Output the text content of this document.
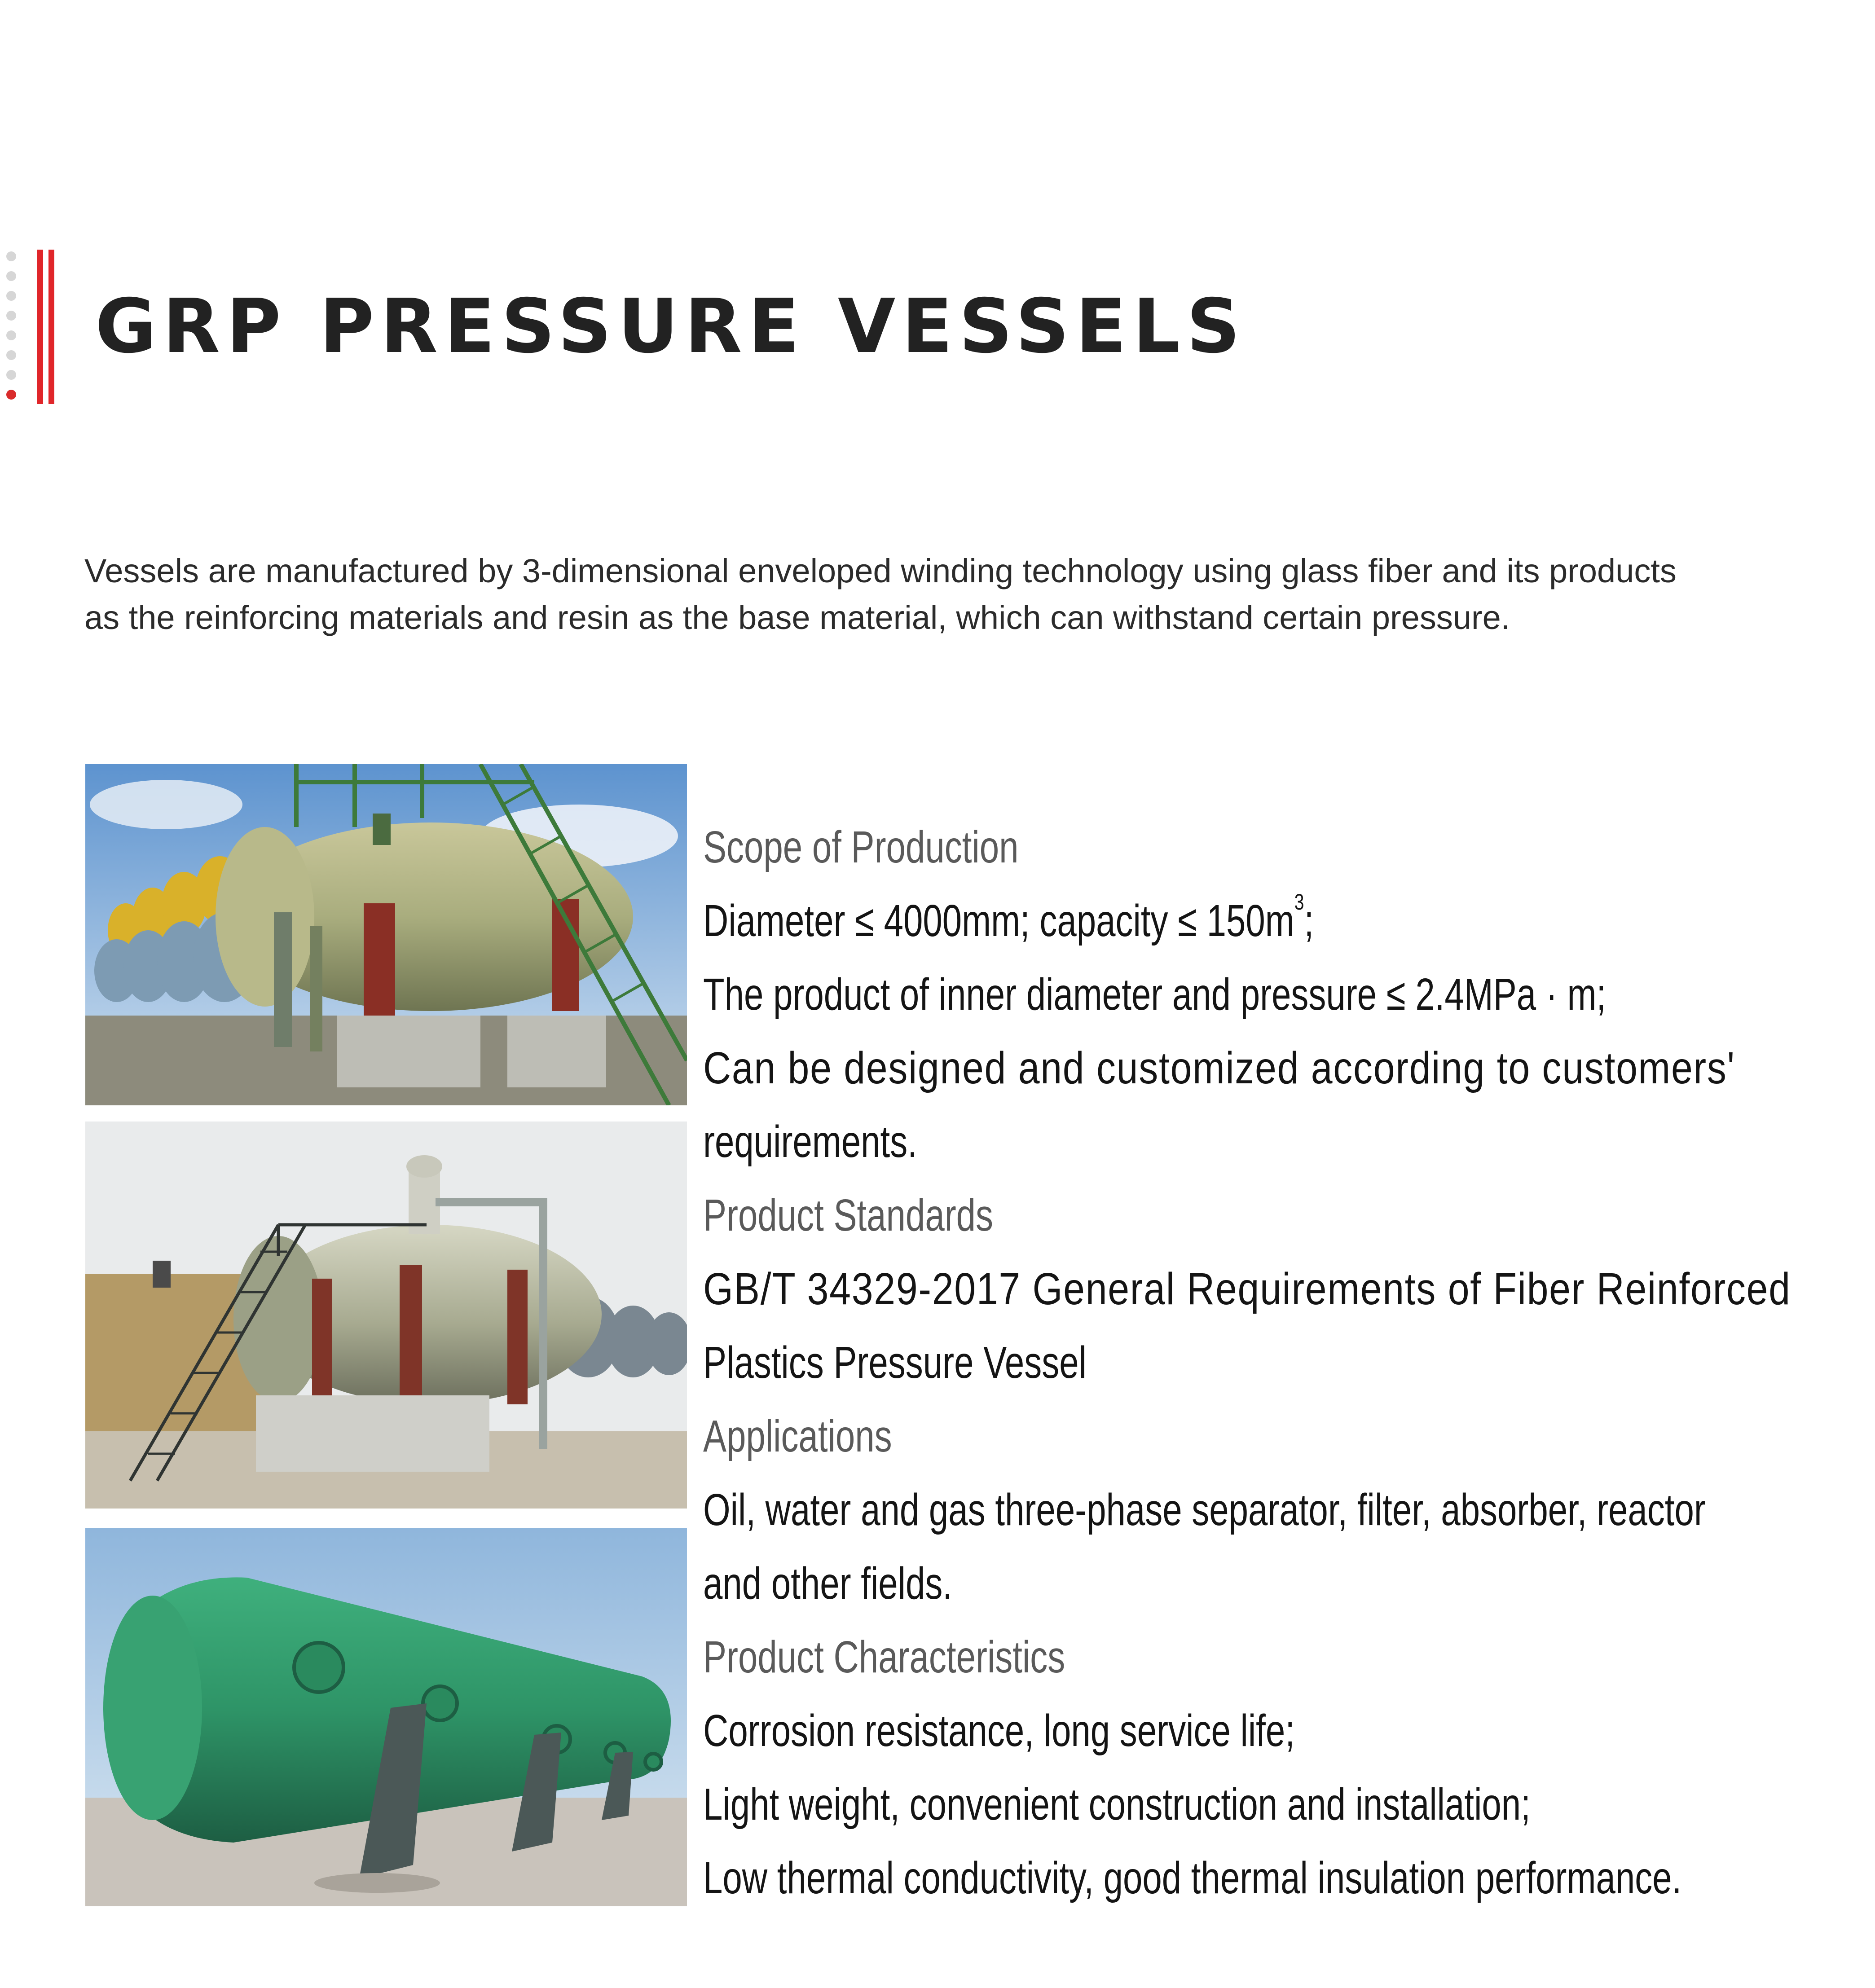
GRP PRESSURE VESSELS

Vessels are manufactured by 3-dimensional enveloped winding technology using glass fiber and its products
as the reinforcing materials and resin as the base material, which can withstand certain pressure.

Scope of Production
Diameter ≤ 4000mm; capacity ≤ $150m^3$;
The product of inner diameter and pressure ≤ 2.4MPa · m;
Can be designed and customized according to customers'
requirements.
Product Standards
GB/T 34329-2017 General Requirements of Fiber Reinforced
Plastics Pressure Vessel
Applications
Oil, water and gas three-phase separator, filter, absorber, reactor
and other fields.
Product Characteristics
Corrosion resistance, long service life;
Light weight, convenient construction and installation;
Low thermal conductivity, good thermal insulation performance.
